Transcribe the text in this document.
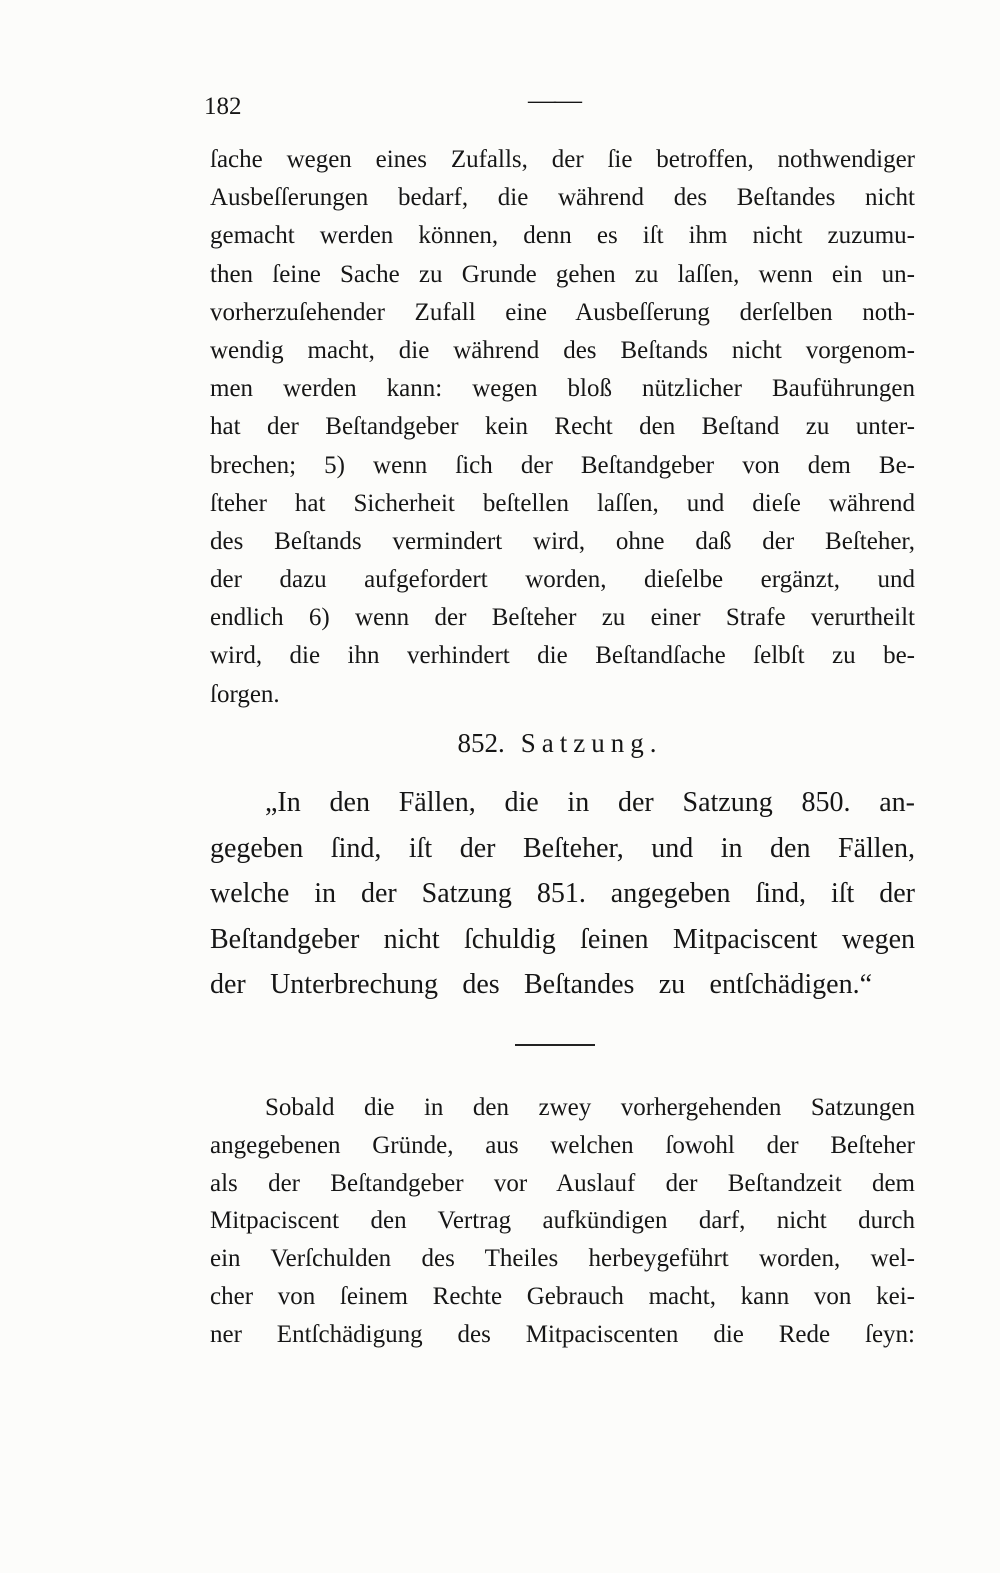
182	——
ſache wegen eines Zufalls, der ſie betroffen, nothwendiger
Ausbeſſerungen bedarf, die während des Beſtandes nicht
gemacht werden können, denn es iſt ihm nicht zuzumu-
then ſeine Sache zu Grunde gehen zu laſſen, wenn ein un-
vorherzuſehender Zufall eine Ausbeſſerung derſelben noth-
wendig macht, die während des Beſtands nicht vorgenom-
men werden kann: wegen bloß nützlicher Bauführungen
hat der Beſtandgeber kein Recht den Beſtand zu unter-
brechen; 5) wenn ſich der Beſtandgeber von dem Be-
ſteher hat Sicherheit beſtellen laſſen, und dieſe während
des Beſtands vermindert wird, ohne daß der Beſteher,
der dazu aufgefordert worden, dieſelbe ergänzt, und
endlich 6) wenn der Beſteher zu einer Strafe verurtheilt
wird, die ihn verhindert die Beſtandſache ſelbſt zu be-
ſorgen.
852. Satzung.
„In den Fällen, die in der Satzung 850. an-
gegeben ſind, iſt der Beſteher, und in den Fällen,
welche in der Satzung 851. angegeben ſind, iſt der
Beſtandgeber nicht ſchuldig ſeinen Mitpaciscent wegen
der Unterbrechung des Beſtandes zu entſchädigen.“
Sobald die in den zwey vorhergehenden Satzungen
angegebenen Gründe, aus welchen ſowohl der Beſteher
als der Beſtandgeber vor Auslauf der Beſtandzeit dem
Mitpaciscent den Vertrag aufkündigen darf, nicht durch
ein Verſchulden des Theiles herbeygeführt worden, wel-
cher von ſeinem Rechte Gebrauch macht, kann von kei-
ner Entſchädigung des Mitpaciscenten die Rede ſeyn:
